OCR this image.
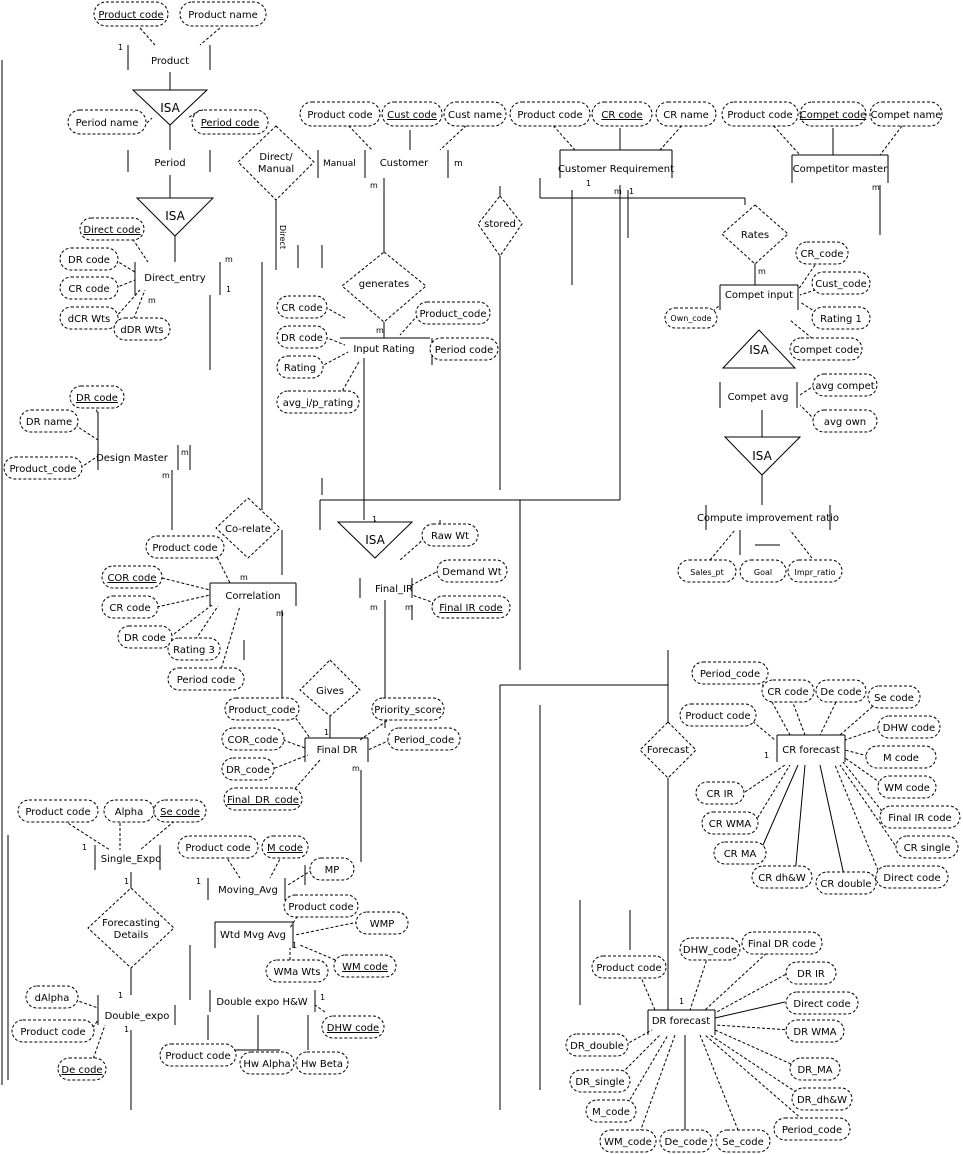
ISA
ISA
ISA
ISA
ISA
Direct/
Manual
generates
stored
Rates
Co-relate
Gives
Forecasting
Details
Forecast
Product
Period
Direct_entry
Design Master
Customer
Input Rating
Customer Requirement	Competitor master
Compet input
Compet avg
Compute improvement ratio
Correlation
Final_IR
Final DR
Single_Expo
Moving_Avg
Wtd Mvg Avg
Double_expo
Double expo H&W
CR forecast
DR forecast
Product code Product name
Period name	Period code
Direct code
DR code
CR code
dCR Wts
dDR Wts
DR code
DR name
Product_code
Product code Cust code Cust name Product code CR code CR name Product code Compet code Compet name
CR code
DR code
Rating
avg_i/p_rating
Product_code
Period code
CR_code
Cust_code
Rating 1
Compet code
Own_code
avg compet
avg own
Sales_pt	Goal	Impr_ratio
Product code
COR code
CR code
DR code
Rating 3
Period code
Raw Wt
Demand Wt
Final IR code
Product_code
COR_code
DR_code
Final_DR_code
Priority_score
Period_code
Product code Alpha Se code
Product code M code
MP
Product code
WMP
WMa Wts WM code
dAlpha
Product code
De code
Product code
Hw Alpha Hw Beta
DHW code
Period_code
CR code De code
Se code
Product code
DHW code
M code
WM code
Final IR code
CR single
Direct code
CR double
CR dh&W
CR MA
CR WMA
CR IR
Product code
DHW_code
Final DR code
DR IR
Direct code
DR WMA
DR_MA
DR_dh&W
Period_code
Se_code
De_code
WM_code
M_code
DR_single
DR_double
1
Manual	m
m
m
1
m 1	m
m
m
1
m
m
m
m
m
1
m	m
1
m
1
1
1
1
1
1
1
1
1
Direct
